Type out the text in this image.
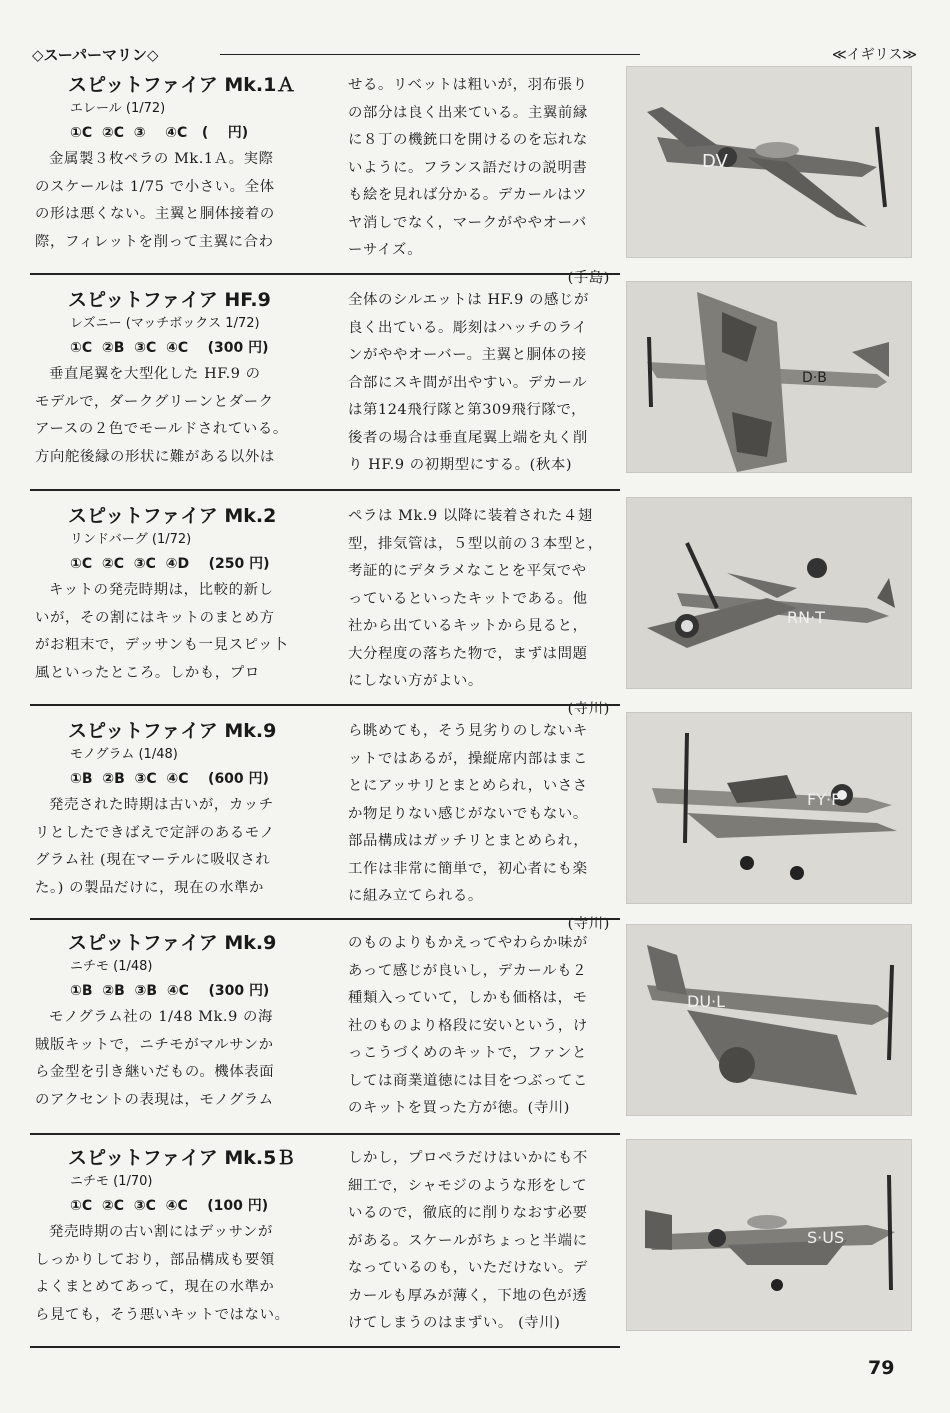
◇スーパーマリン◇	≪イギリス≫
スピットファイア Mk.1Ａ
エレール (1/72)
①C  ②C  ③    ④C   (    円)
金属製３枚ペラの Mk.1Ａ。実際
のスケールは 1/75 で小さい。全体
の形は悪くない。主翼と胴体接着の
際，フィレットを削って主翼に合わ
せる。リベットは粗いが，羽布張り
の部分は良く出来ている。主翼前縁
に８丁の機銃口を開けるのを忘れな
いように。フランス語だけの説明書
も絵を見れば分かる。デカールはツ
ヤ消しでなく，マークがややオーバ
ーサイズ。
(手島)
DV
スピットファイア HF.9
レズニー (マッチボックス 1/72)
①C  ②B  ③C  ④C    (300 円)
垂直尾翼を大型化した HF.9 の
モデルで，ダークグリーンとダーク
アースの２色でモールドされている。
方向舵後縁の形状に難がある以外は
全体のシルエットは HF.9 の感じが
良く出ている。彫刻はハッチのライ
ンがややオーバー。主翼と胴体の接
合部にスキ間が出やすい。デカール
は第124飛行隊と第309飛行隊で，
後者の場合は垂直尾翼上端を丸く削
り HF.9 の初期型にする。(秋本)
D·B
スピットファイア Mk.2
リンドバーグ (1/72)
①C  ②C  ③C  ④D    (250 円)
キットの発売時期は，比較的新し
いが，その割にはキットのまとめ方
がお粗末で，デッサンも一見スピッ卜
風といったところ。しかも，プロ
ペラは Mk.9 以降に装着された４翅
型，排気管は，５型以前の３本型と，
考証的にデタラメなことを平気でや
っているといったキットである。他
社から出ているキットから見ると，
大分程度の落ちた物で，まずは問題
にしない方がよい。
(寺川)
RN·T
スピットファイア Mk.9
モノグラム (1/48)
①B  ②B  ③C  ④C    (600 円)
発売された時期は古いが，カッチ
リとしたできばえで定評のあるモノ
グラム社 (現在マーテルに吸収され
た。) の製品だけに，現在の水準か
ら眺めても，そう見劣りのしないキ
ットではあるが，操縦席内部はまこ
とにアッサリとまとめられ，いささ
か物足りない感じがないでもない。
部品構成はガッチリとまとめられ，
工作は非常に簡単で，初心者にも楽
に組み立てられる。
(寺川)
FY·F
スピットファイア Mk.9
ニチモ (1/48)
①B  ②B  ③B  ④C    (300 円)
モノグラム社の 1/48 Mk.9 の海
賊版キットで，ニチモがマルサンか
ら金型を引き継いだもの。機体表面
のアクセントの表現は，モノグラム
のものよりもかえってやわらか味が
あって感じが良いし，デカールも２
種類入っていて，しかも価格は，モ
社のものより格段に安いという，け
っこうづくめのキットで，ファンと
しては商業道徳には目をつぶってこ
のキットを買った方が徳。(寺川)
DU·L
スピットファイア Mk.5Ｂ
ニチモ (1/70)
①C  ②C  ③C  ④C    (100 円)
発売時期の古い割にはデッサンが
しっかりしており，部品構成も要領
よくまとめてあって，現在の水準か
ら見ても，そう悪いキットではない。
しかし，プロペラだけはいかにも不
細工で，シャモジのような形をして
いるので，徹底的に削りなおす必要
がある。スケールがちょっと半端に
なっているのも，いただけない。デ
カールも厚みが薄く，下地の色が透
けてしまうのはまずい。 (寺川)
S·US
79
